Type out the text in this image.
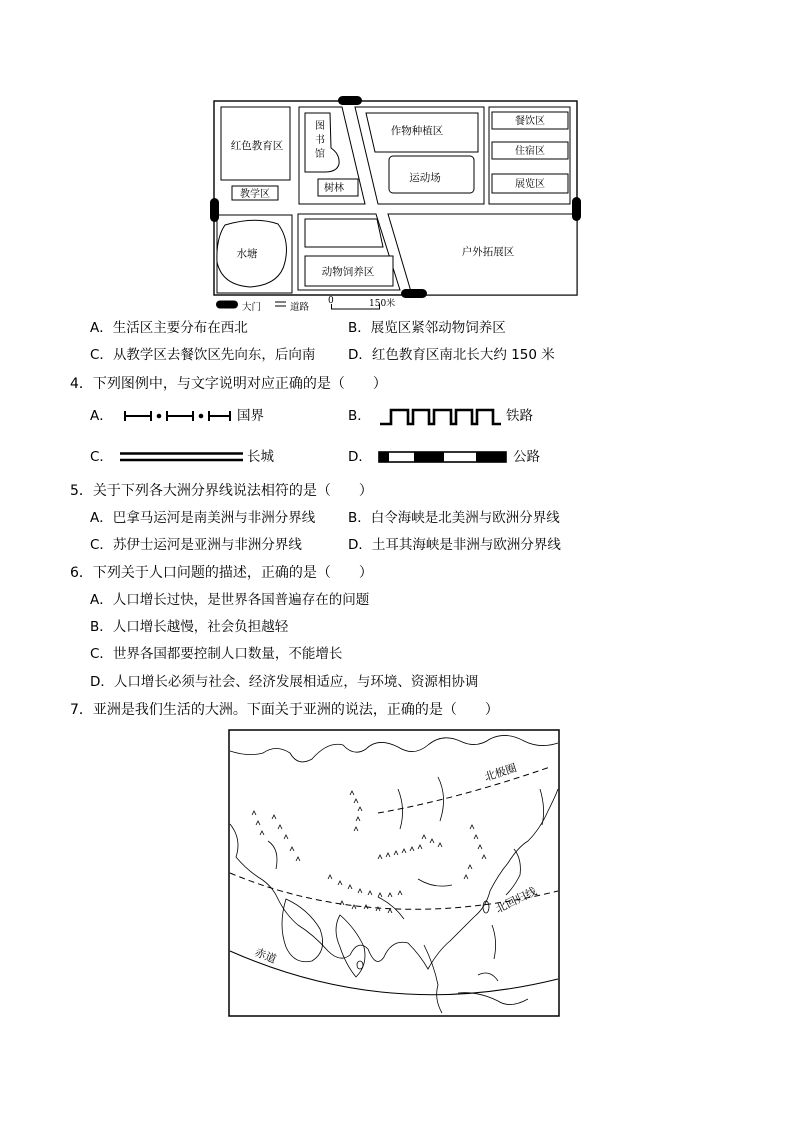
红色教育区
教学区
图
书
馆
树林
作物种植区
运动场
餐饮区
住宿区
展览区
水塘
动物饲养区
户外拓展区
大门	道路
0	150米
A．生活区主要分布在西北	B．展览区紧邻动物饲养区
C．从教学区去餐饮区先向东，后向南 D．红色教育区南北长大约 150 米
4．下列图例中，与文字说明对应正确的是（　　）
A．	国界	B．	铁路
C．	长城	D．	公路
5．关于下列各大洲分界线说法相符的是（　　）
A．巴拿马运河是南美洲与非洲分界线 B．白令海峡是北美洲与欧洲分界线
C．苏伊士运河是亚洲与非洲分界线	D．土耳其海峡是非洲与欧洲分界线
6．下列关于人口问题的描述，正确的是（　　）
A．人口增长过快，是世界各国普遍存在的问题
B．人口增长越慢，社会负担越轻
C．世界各国都要控制人口数量，不能增长
D．人口增长必须与社会、经济发展相适应，与环境、资源相协调
7．亚洲是我们生活的大洲。下面关于亚洲的说法，正确的是（　　）
北极圈
北回归线
赤道
